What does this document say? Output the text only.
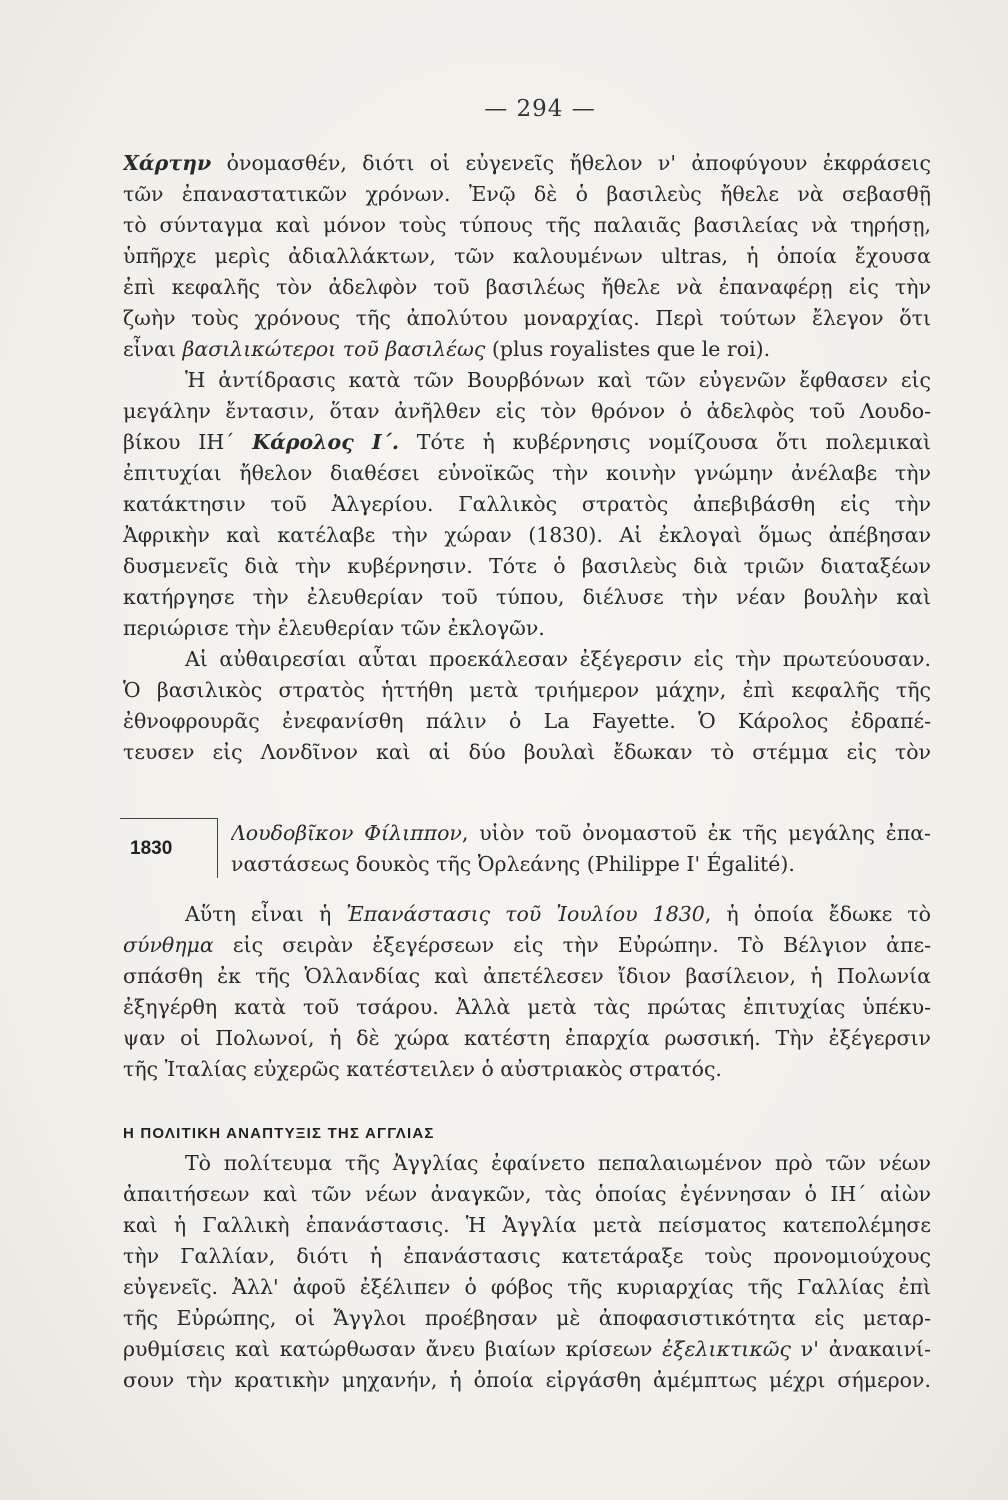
— 294 —
Χάρτην ὀνομασθέν, διότι οἱ εὐγενεῖς ἤθελον ν' ἀποφύγουν ἐκφράσεις
τῶν ἐπαναστατικῶν χρόνων. Ἐνῷ δὲ ὁ βασιλεὺς ἤθελε νὰ σεβασθῇ
τὸ σύνταγμα καὶ μόνον τοὺς τύπους τῆς παλαιᾶς βασιλείας νὰ τηρήσῃ,
ὑπῆρχε μερὶς ἀδιαλλάκτων, τῶν καλουμένων ultras, ἡ ὁποία ἔχουσα
ἐπὶ κεφαλῆς τὸν ἀδελφὸν τοῦ βασιλέως ἤθελε νὰ ἐπαναφέρῃ εἰς τὴν
ζωὴν τοὺς χρόνους τῆς ἀπολύτου μοναρχίας. Περὶ τούτων ἔλεγον ὅτι
εἶναι βασιλικώτεροι τοῦ βασιλέως (plus royalistes que le roi).
Ἡ ἀντίδρασις κατὰ τῶν Βουρβόνων καὶ τῶν εὐγενῶν ἔφθασεν εἰς
μεγάλην ἔντασιν, ὅταν ἀνῆλθεν εἰς τὸν θρόνον ὁ ἀδελφὸς τοῦ Λουδο-
βίκου ΙΗ΄ Κάρολος Ι΄. Τότε ἡ κυβέρνησις νομίζουσα ὅτι πολεμικαὶ
ἐπιτυχίαι ἤθελον διαθέσει εὐνοϊκῶς τὴν κοινὴν γνώμην ἀνέλαβε τὴν
κατάκτησιν τοῦ Ἀλγερίου. Γαλλικὸς στρατὸς ἀπεβιβάσθη εἰς τὴν
Ἀφρικὴν καὶ κατέλαβε τὴν χώραν (1830). Αἱ ἐκλογαὶ ὅμως ἀπέβησαν
δυσμενεῖς διὰ τὴν κυβέρνησιν. Τότε ὁ βασιλεὺς διὰ τριῶν διαταξέων
κατήργησε τὴν ἐλευθερίαν τοῦ τύπου, διέλυσε τὴν νέαν βουλὴν καὶ
περιώρισε τὴν ἐλευθερίαν τῶν ἐκλογῶν.
Αἱ αὐθαιρεσίαι αὗται προεκάλεσαν ἐξέγερσιν εἰς τὴν πρωτεύουσαν.
Ὁ βασιλικὸς στρατὸς ἡττήθη μετὰ τριήμερον μάχην, ἐπὶ κεφαλῆς τῆς
ἐθνοφρουρᾶς ἐνεφανίσθη πάλιν ὁ La Fayette. Ὁ Κάρολος ἐδραπέ-
τευσεν εἰς Λονδῖνον καὶ αἱ δύο βουλαὶ ἔδωκαν τὸ στέμμα εἰς τὸν
1830
Λουδοβῖκον Φίλιππον, υἱὸν τοῦ ὀνομαστοῦ ἐκ τῆς μεγάλης ἐπα-
ναστάσεως δουκὸς τῆς Ὀρλεάνης (Philippe I' Égalité).
Αὕτη εἶναι ἡ Ἐπανάστασις τοῦ Ἰουλίου 1830, ἡ ὁποία ἔδωκε τὸ
σύνθημα εἰς σειρὰν ἐξεγέρσεων εἰς τὴν Εὐρώπην. Τὸ Βέλγιον ἀπε-
σπάσθη ἐκ τῆς Ὁλλανδίας καὶ ἀπετέλεσεν ἴδιον βασίλειον, ἡ Πολωνία
ἐξηγέρθη κατὰ τοῦ τσάρου. Ἀλλὰ μετὰ τὰς πρώτας ἐπιτυχίας ὑπέκυ-
ψαν οἱ Πολωνοί, ἡ δὲ χώρα κατέστη ἐπαρχία ρωσσική. Τὴν ἐξέγερσιν
τῆς Ἰταλίας εὐχερῶς κατέστειλεν ὁ αὐστριακὸς στρατός.
Η ΠΟΛΙΤΙΚΗ ΑΝΑΠΤΥΞΙΣ ΤΗΣ ΑΓΓΛΙΑΣ
Τὸ πολίτευμα τῆς Ἀγγλίας ἐφαίνετο πεπαλαιωμένον πρὸ τῶν νέων
ἀπαιτήσεων καὶ τῶν νέων ἀναγκῶν, τὰς ὁποίας ἐγέννησαν ὁ ΙΗ΄ αἰὼν
καὶ ἡ Γαλλικὴ ἐπανάστασις. Ἡ Ἀγγλία μετὰ πείσματος κατεπολέμησε
τὴν Γαλλίαν, διότι ἡ ἐπανάστασις κατετάραξε τοὺς προνομιούχους
εὐγενεῖς. Ἀλλ' ἀφοῦ ἐξέλιπεν ὁ φόβος τῆς κυριαρχίας τῆς Γαλλίας ἐπὶ
τῆς Εὐρώπης, οἱ Ἄγγλοι προέβησαν μὲ ἀποφασιστικότητα εἰς μεταρ-
ρυθμίσεις καὶ κατώρθωσαν ἄνευ βιαίων κρίσεων ἐξελικτικῶς ν' ἀνακαινί-
σουν τὴν κρατικὴν μηχανήν, ἡ ὁποία εἰργάσθη ἀμέμπτως μέχρι σήμερον.
